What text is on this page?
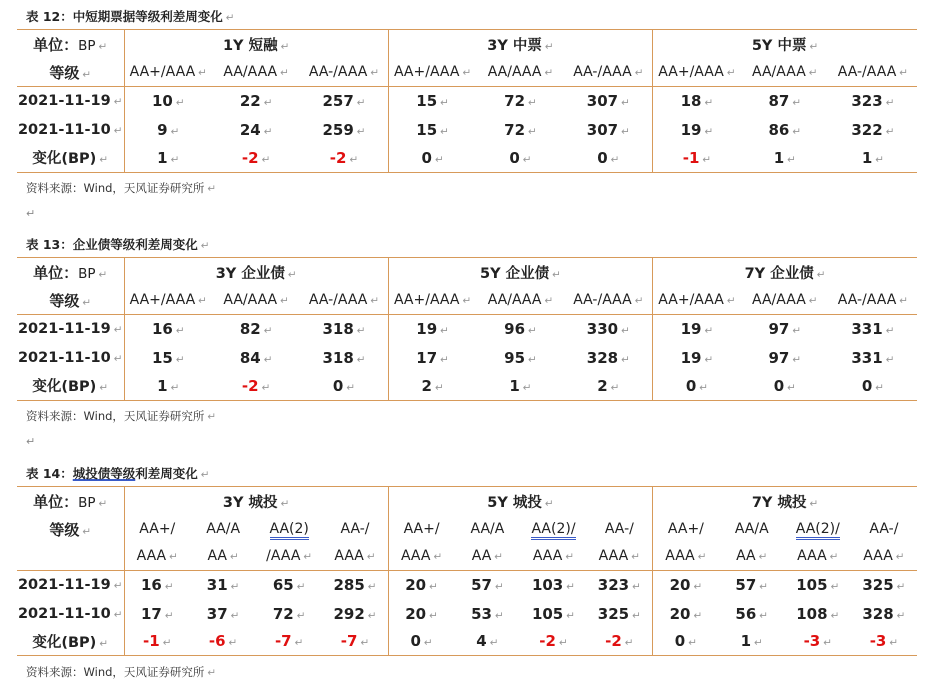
表 12：中短期票据等级利差周变化 ↵
单位：BP ↵	1Y 短融 ↵			3Y 中票 ↵			5Y 中票 ↵		
等级 ↵	AA+/AAA ↵	AA/AAA ↵	AA-/AAA ↵	AA+/AAA ↵	AA/AAA ↵	AA-/AAA ↵	AA+/AAA ↵	AA/AAA ↵	AA-/AAA ↵
2021-11-19 ↵	10 ↵	22 ↵	257 ↵	15 ↵	72 ↵	307 ↵	18 ↵	87 ↵	323 ↵
2021-11-10 ↵	9 ↵	24 ↵	259 ↵	15 ↵	72 ↵	307 ↵	19 ↵	86 ↵	322 ↵
变化(BP) ↵	1 ↵	-2 ↵	-2 ↵	0 ↵	0 ↵	0 ↵	-1 ↵	1 ↵	1 ↵
资料来源：Wind，天风证券研究所 ↵
↵
表 13：企业债等级利差周变化 ↵
单位：BP ↵	3Y 企业债 ↵			5Y 企业债 ↵			7Y 企业债 ↵		
等级 ↵	AA+/AAA ↵	AA/AAA ↵	AA-/AAA ↵	AA+/AAA ↵	AA/AAA ↵	AA-/AAA ↵	AA+/AAA ↵	AA/AAA ↵	AA-/AAA ↵
2021-11-19 ↵	16 ↵	82 ↵	318 ↵	19 ↵	96 ↵	330 ↵	19 ↵	97 ↵	331 ↵
2021-11-10 ↵	15 ↵	84 ↵	318 ↵	17 ↵	95 ↵	328 ↵	19 ↵	97 ↵	331 ↵
变化(BP) ↵	1 ↵	-2 ↵	0 ↵	2 ↵	1 ↵	2 ↵	0 ↵	0 ↵	0 ↵
资料来源：Wind，天风证券研究所 ↵
↵
表 14：城投债等级利差周变化 ↵
单位：BP ↵	3Y 城投 ↵				5Y 城投 ↵				7Y 城投 ↵			
等级 ↵	AA+/	AA/A	AA(2)	AA-/	AA+/	AA/A	AA(2)/	AA-/	AA+/	AA/A	AA(2)/	AA-/
	AAA ↵	AA ↵	/AAA ↵	AAA ↵	AAA ↵	AA ↵	AAA ↵	AAA ↵	AAA ↵	AA ↵	AAA ↵	AAA ↵
2021-11-19 ↵	16 ↵	31 ↵	65 ↵	285 ↵	20 ↵	57 ↵	103 ↵	323 ↵	20 ↵	57 ↵	105 ↵	325 ↵
2021-11-10 ↵	17 ↵	37 ↵	72 ↵	292 ↵	20 ↵	53 ↵	105 ↵	325 ↵	20 ↵	56 ↵	108 ↵	328 ↵
变化(BP) ↵	-1 ↵	-6 ↵	-7 ↵	-7 ↵	0 ↵	4 ↵	-2 ↵	-2 ↵	0 ↵	1 ↵	-3 ↵	-3 ↵
资料来源：Wind，天风证券研究所 ↵
